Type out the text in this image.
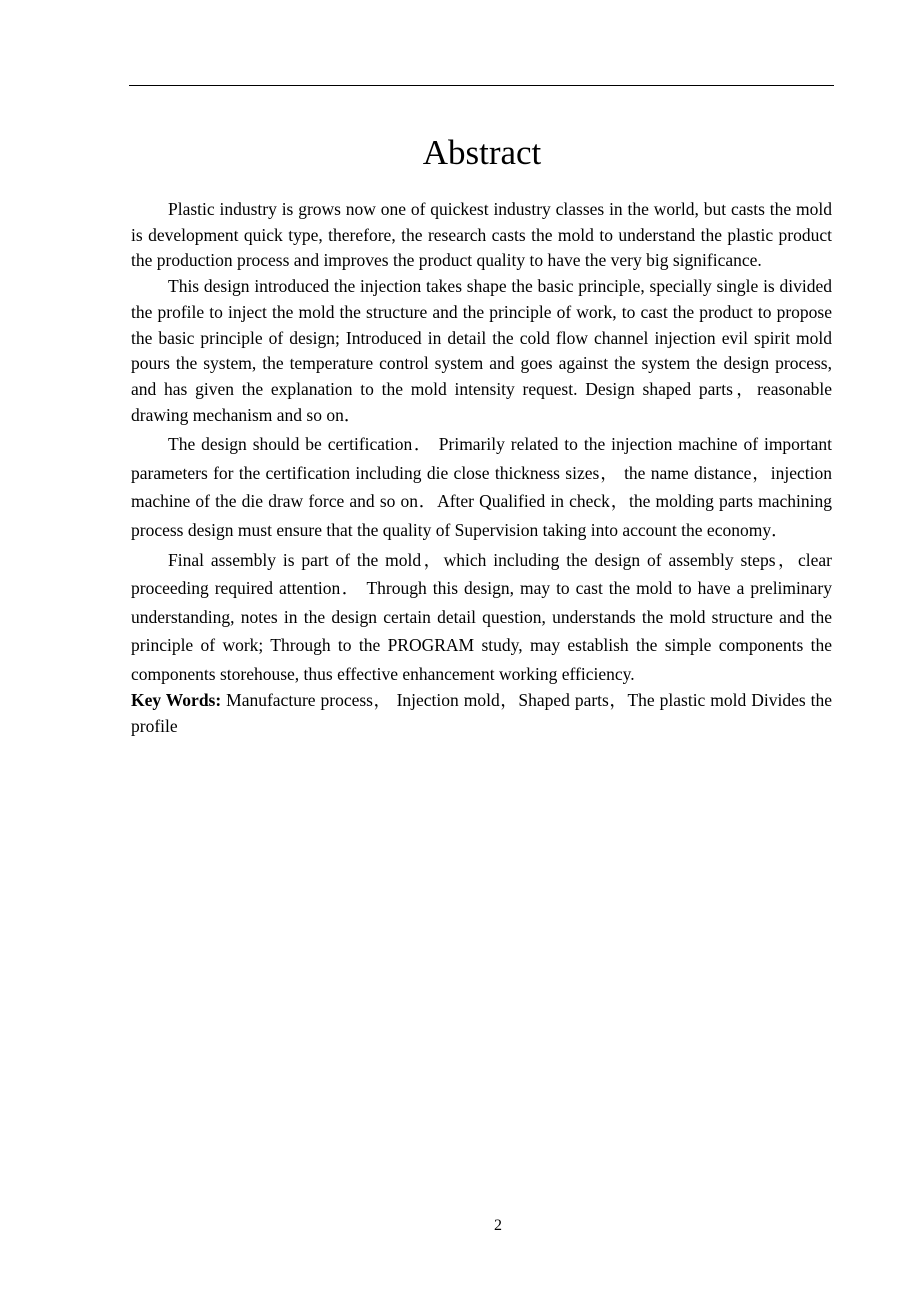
Abstract

Plastic industry is grows now one of quickest industry classes in the world, but casts the mold is development quick type, therefore, the research casts the mold to understand the plastic product the production process and improves the product quality to have the very big significance.

This design introduced the injection takes shape the basic principle, specially single is divided the profile to inject the mold the structure and the principle of work, to cast the product to propose the basic principle of design; Introduced in detail the cold flow channel injection evil spirit mold pours the system, the temperature control system and goes against the system the design process, and has given the explanation to the mold intensity request. Design shaped parts，reasonable drawing mechanism and so on．

The design should be certification． Primarily related to the injection machine of important parameters for the certification including die close thickness sizes， the name distance，injection machine of the die draw force and so on．After Qualified in check，the molding parts machining process design must ensure that the quality of Supervision taking into account the economy．

Final assembly is part of the mold，which including the design of assembly steps，clear proceeding required attention． Through this design, may to cast the mold to have a preliminary understanding, notes in the design certain detail question, understands the mold structure and the principle of work; Through to the PROGRAM study, may establish the simple components the components storehouse, thus effective enhancement working efficiency.

Key Words: Manufacture process， Injection mold，Shaped parts，The plastic mold Divides the profile
2
